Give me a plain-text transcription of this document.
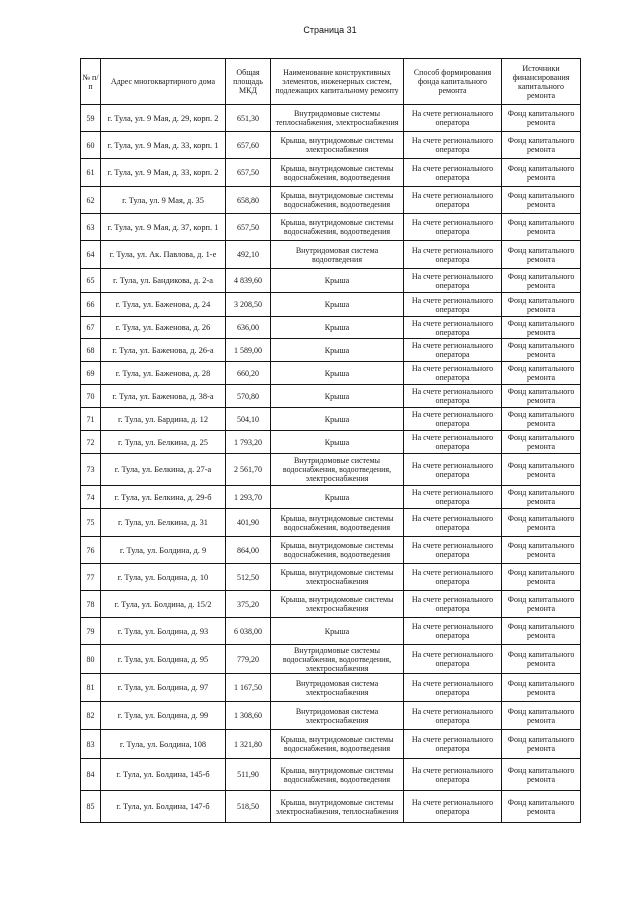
Страница 31
№ п/п	Адрес многоквартирного дома	Общая площадь МКД	Наименование конструктивных элементов, инженерных систем, подлежащих капитальному ремонту	Способ формирования фонда капитального ремонта	Источники финансирования капитального ремонта
59	г. Тула, ул. 9 Мая, д. 29, корп. 2	651,30	Внутридомовые системы теплоснабжения, электроснабжения	На счете регионального оператора	Фонд капитального ремонта
60	г. Тула, ул. 9 Мая, д. 33, корп. 1	657,60	Крыша, внутридомовые системы электроснабжения	На счете регионального оператора	Фонд капитального ремонта
61	г. Тула, ул. 9 Мая, д. 33, корп. 2	657,50	Крыша, внутридомовые системы водоснабжения, водоотведения	На счете регионального оператора	Фонд капитального ремонта
62	г. Тула, ул. 9 Мая, д. 35	658,80	Крыша, внутридомовые системы водоснабжения, водоотведения	На счете регионального оператора	Фонд капитального ремонта
63	г. Тула, ул. 9 Мая, д. 37, корп. 1	657,50	Крыша, внутридомовые системы водоснабжения, водоотведения	На счете регионального оператора	Фонд капитального ремонта
64	г. Тула, ул. Ак. Павлова, д. 1-е	492,10	Внутридомовая система водоотведения	На счете регионального оператора	Фонд капитального ремонта
65	г. Тула, ул. Бандикова, д. 2-а	4 839,60	Крыша	На счете регионального оператора	Фонд капитального ремонта
66	г. Тула, ул. Баженова, д. 24	3 208,50	Крыша	На счете регионального оператора	Фонд капитального ремонта
67	г. Тула, ул. Баженова, д. 26	636,00	Крыша	На счете регионального оператора	Фонд капитального ремонта
68	г. Тула, ул. Баженова, д. 26-а	1 589,00	Крыша	На счете регионального оператора	Фонд капитального ремонта
69	г. Тула, ул. Баженова, д. 28	660,20	Крыша	На счете регионального оператора	Фонд капитального ремонта
70	г. Тула, ул. Баженова, д. 38-а	570,80	Крыша	На счете регионального оператора	Фонд капитального ремонта
71	г. Тула, ул. Бардина, д. 12	504,10	Крыша	На счете регионального оператора	Фонд капитального ремонта
72	г. Тула, ул. Белкина, д. 25	1 793,20	Крыша	На счете регионального оператора	Фонд капитального ремонта
73	г. Тула, ул. Белкина, д. 27-а	2 561,70	Внутридомовые системы водоснабжения, водоотведения, электроснабжения	На счете регионального оператора	Фонд капитального ремонта
74	г. Тула, ул. Белкина, д. 29-б	1 293,70	Крыша	На счете регионального оператора	Фонд капитального ремонта
75	г. Тула, ул. Белкина, д. 31	401,90	Крыша, внутридомовые системы водоснабжения, водоотведения	На счете регионального оператора	Фонд капитального ремонта
76	г. Тула, ул. Болдина, д. 9	864,00	Крыша, внутридомовые системы водоснабжения, водоотведения	На счете регионального оператора	Фонд капитального ремонта
77	г. Тула, ул. Болдина, д. 10	512,50	Крыша, внутридомовые системы электроснабжения	На счете регионального оператора	Фонд капитального ремонта
78	г. Тула, ул. Болдина, д. 15/2	375,20	Крыша, внутридомовые системы электроснабжения	На счете регионального оператора	Фонд капитального ремонта
79	г. Тула, ул. Болдина, д. 93	6 038,00	Крыша	На счете регионального оператора	Фонд капитального ремонта
80	г. Тула, ул. Болдина, д. 95	779,20	Внутридомовые системы водоснабжения, водоотведения, электроснабжения	На счете регионального оператора	Фонд капитального ремонта
81	г. Тула, ул. Болдина, д. 97	1 167,50	Внутридомовая система электроснабжения	На счете регионального оператора	Фонд капитального ремонта
82	г. Тула, ул. Болдина, д. 99	1 308,60	Внутридомовая система электроснабжения	На счете регионального оператора	Фонд капитального ремонта
83	г. Тула, ул. Болдина, 108	1 321,80	Крыша, внутридомовые системы водоснабжения, водоотведения	На счете регионального оператора	Фонд капитального ремонта
84	г. Тула, ул. Болдина, 145-б	511,90	Крыша, внутридомовые системы водоснабжения, водоотведения	На счете регионального оператора	Фонд капитального ремонта
85	г. Тула, ул. Болдина, 147-б	518,50	Крыша, внутридомовые системы электроснабжения, теплоснабжения	На счете регионального оператора	Фонд капитального ремонта
